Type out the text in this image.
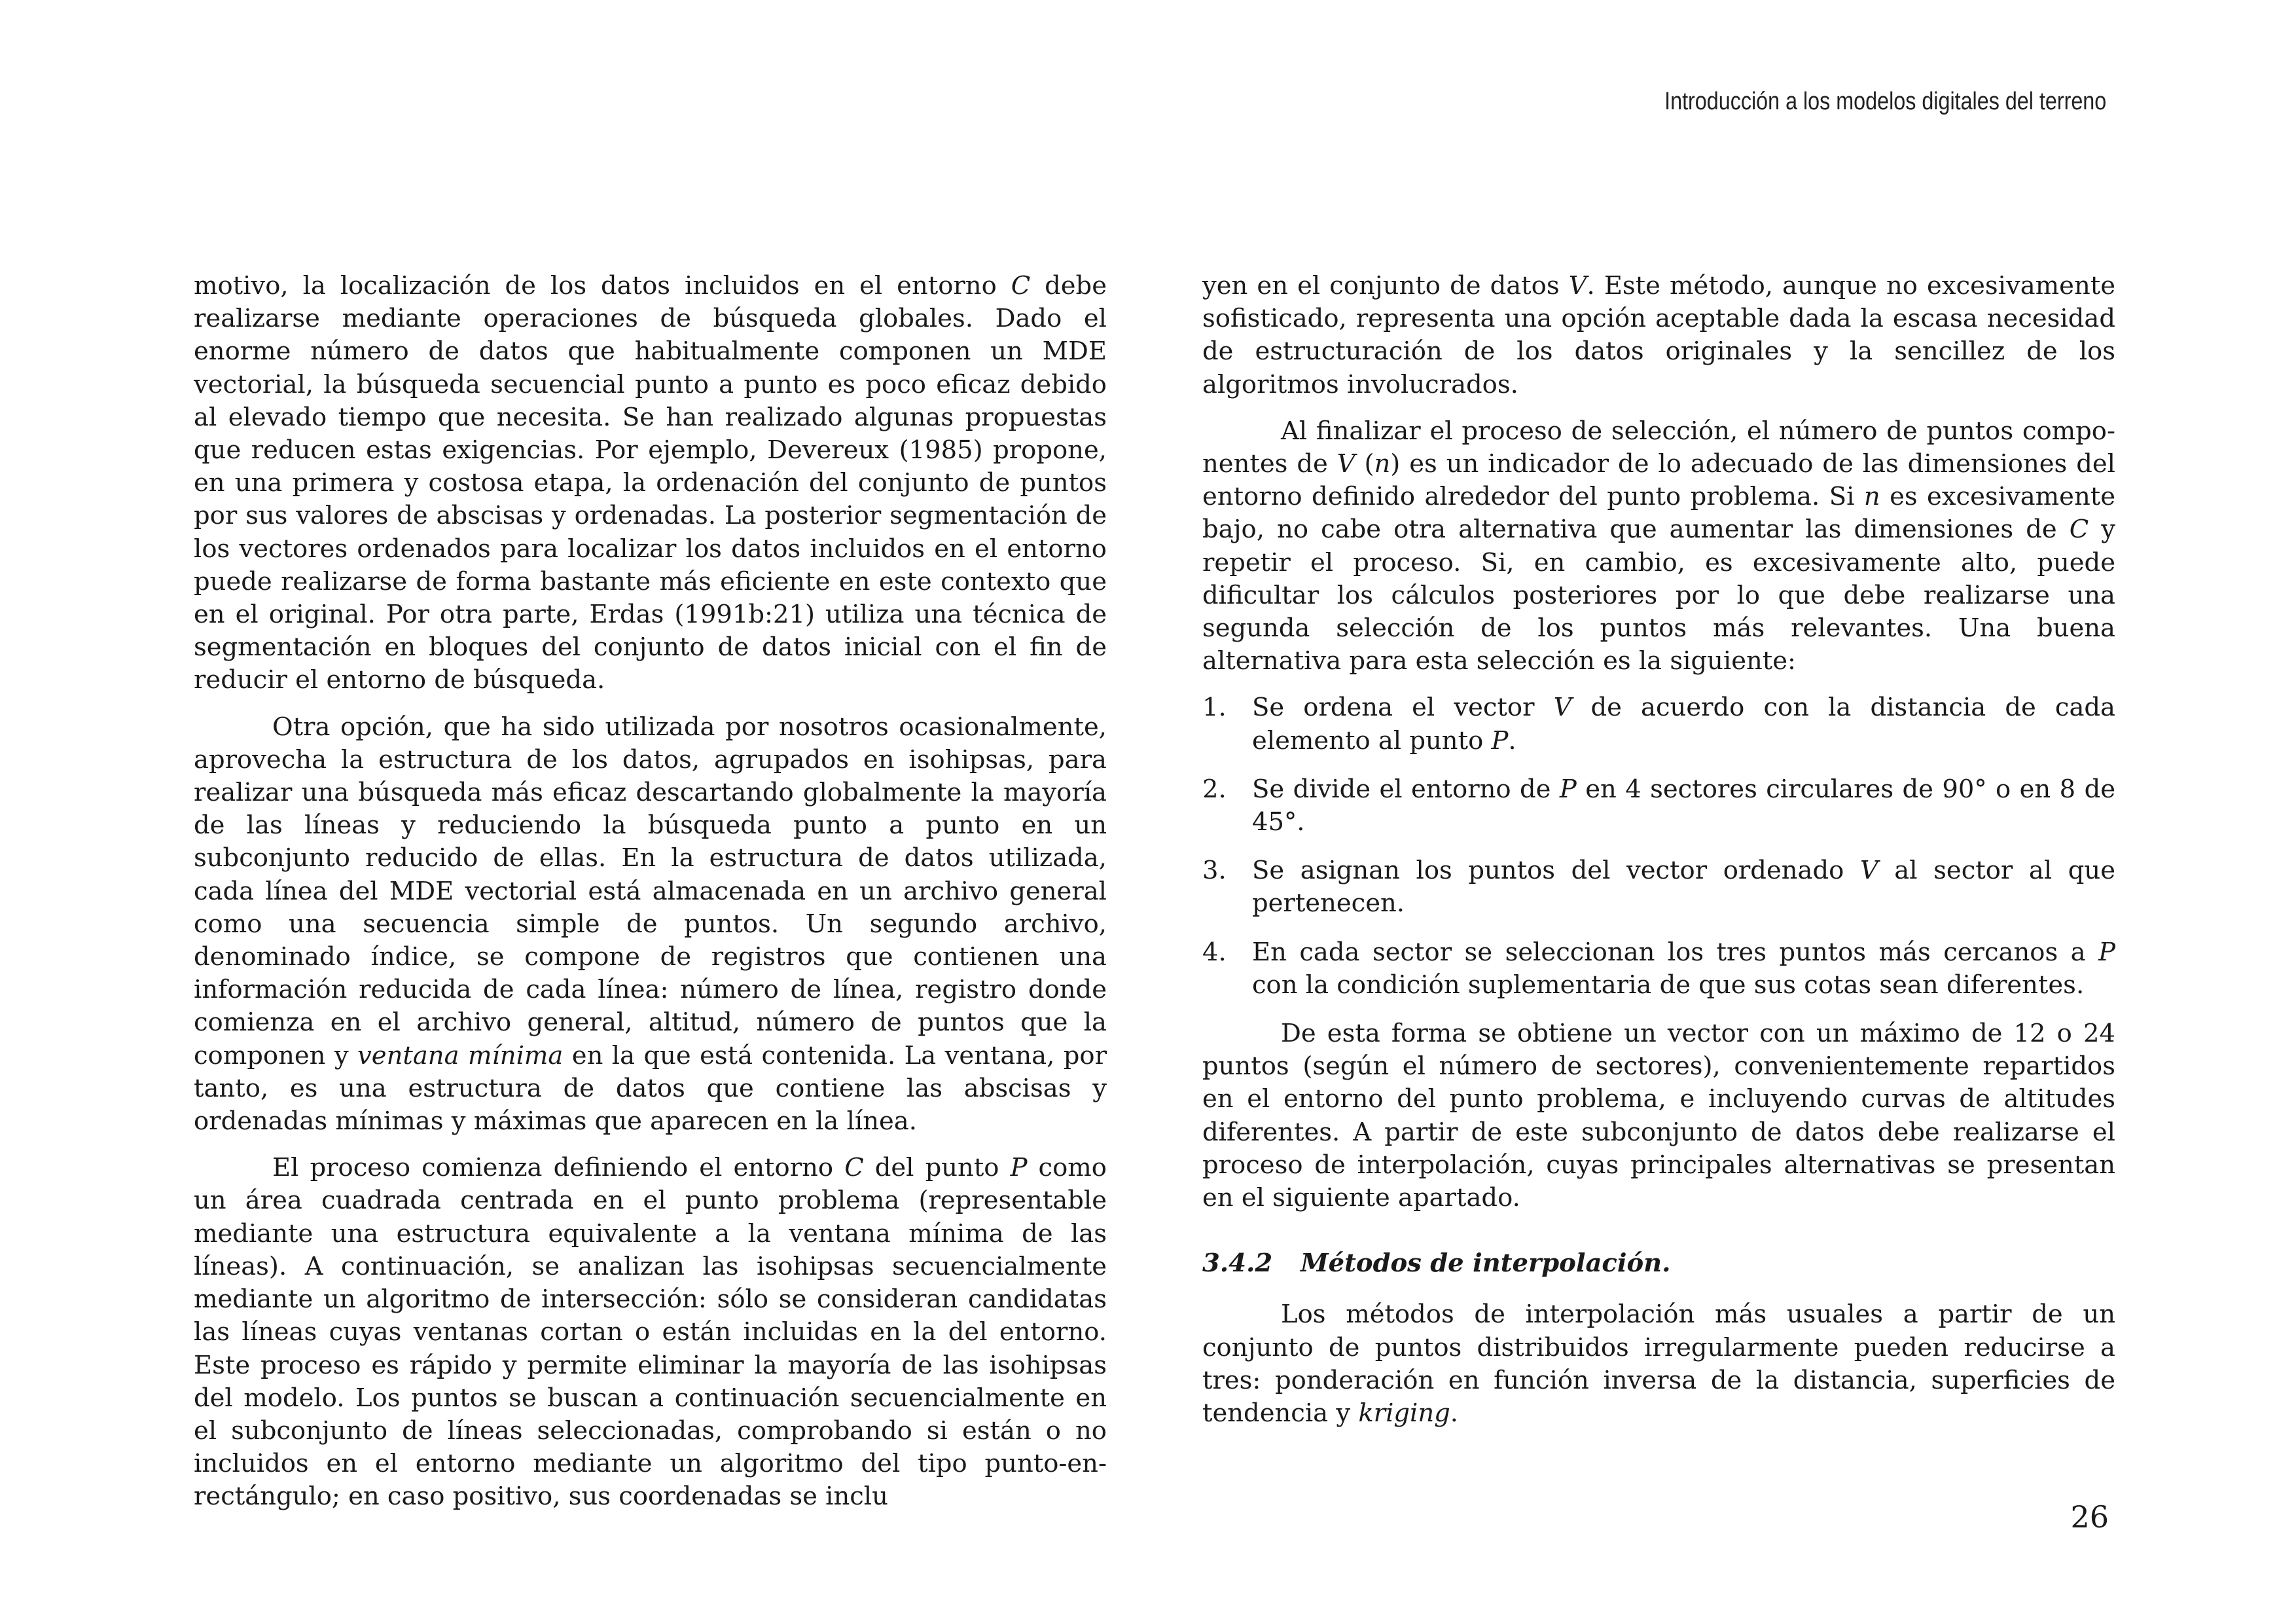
Introducción a los modelos digitales del terreno

motivo, la localización de los datos incluidos en el entorno C debe realizarse mediante operaciones de búsqueda globales. Dado el enorme número de datos que habitualmente componen un MDE vectorial, la búsqueda secuencial punto a punto es poco eficaz debido al elevado tiempo que necesita. Se han realizado algunas propuestas que reducen estas exigencias. Por ejemplo, Devereux (1985) propone, en una primera y costosa etapa, la ordenación del conjunto de puntos por sus valores de abscisas y ordenadas. La posterior segmentación de los vectores ordenados para localizar los datos incluidos en el entorno puede realizarse de forma bastante más eficiente en este contexto que en el original. Por otra parte, Erdas (1991b:21) utiliza una técnica de segmentación en bloques del conjunto de datos inicial con el fin de reducir el entorno de búsqueda.

Otra opción, que ha sido utilizada por nosotros ocasionalmente, aprovecha la estructura de los datos, agrupados en isohipsas, para realizar una búsqueda más eficaz descartando globalmente la mayoría de las líneas y reduciendo la búsqueda punto a punto en un subconjunto reducido de ellas. En la estructura de datos utilizada, cada línea del MDE vectorial está almacenada en un archivo general como una secuencia simple de puntos. Un segundo archivo, denominado índice, se compone de registros que contienen una información reducida de cada línea: número de línea, registro donde comienza en el archivo general, altitud, número de puntos que la componen y ventana mínima en la que está contenida. La ventana, por tanto, es una estructura de datos que contiene las abscisas y ordenadas mínimas y máximas que aparecen en la línea.

El proceso comienza definiendo el entorno C del punto P como un área cuadrada centrada en el punto problema (representable mediante una estructura equivalente a la ventana mínima de las líneas). A continuación, se analizan las isohipsas secuencialmente mediante un algoritmo de intersección: sólo se consideran candidatas las líneas cuyas ventanas cortan o están incluidas en la del entorno. Este proceso es rápido y permite eliminar la mayoría de las isohipsas del modelo. Los puntos se buscan a continuación secuencialmente en el subconjunto de líneas seleccionadas, comprobando si están o no incluidos en el entorno mediante un algoritmo del tipo punto-en-rectángulo; en caso positivo, sus coordenadas se inclu

yen en el conjunto de datos V. Este método, aunque no excesivamente sofisticado, representa una opción aceptable dada la escasa necesidad de estructuración de los datos originales y la sencillez de los algoritmos involucrados.

Al finalizar el proceso de selección, el número de puntos componentes de V (n) es un indicador de lo adecuado de las dimensiones del entorno definido alrededor del punto problema. Si n es excesivamente bajo, no cabe otra alternativa que aumentar las dimensiones de C y repetir el proceso. Si, en cambio, es excesivamente alto, puede dificultar los cálculos posteriores por lo que debe realizarse una segunda selección de los puntos más relevantes. Una buena alternativa para esta selección es la siguiente:

1. Se ordena el vector V de acuerdo con la distancia de cada elemento al punto P.
2. Se divide el entorno de P en 4 sectores circulares de 90° o en 8 de 45°.
3. Se asignan los puntos del vector ordenado V al sector al que pertenecen.
4. En cada sector se seleccionan los tres puntos más cercanos a P con la condición suplementaria de que sus cotas sean diferentes.

De esta forma se obtiene un vector con un máximo de 12 o 24 puntos (según el número de sectores), convenientemente repartidos en el entorno del punto problema, e incluyendo curvas de altitudes diferentes. A partir de este subconjunto de datos debe realizarse el proceso de interpolación, cuyas principales alternativas se presentan en el siguiente apartado.

3.4.2 Métodos de interpolación.

Los métodos de interpolación más usuales a partir de un conjunto de puntos distribuidos irregularmente pueden reducirse a tres: ponderación en función inversa de la distancia, superficies de tendencia y kriging.

26
